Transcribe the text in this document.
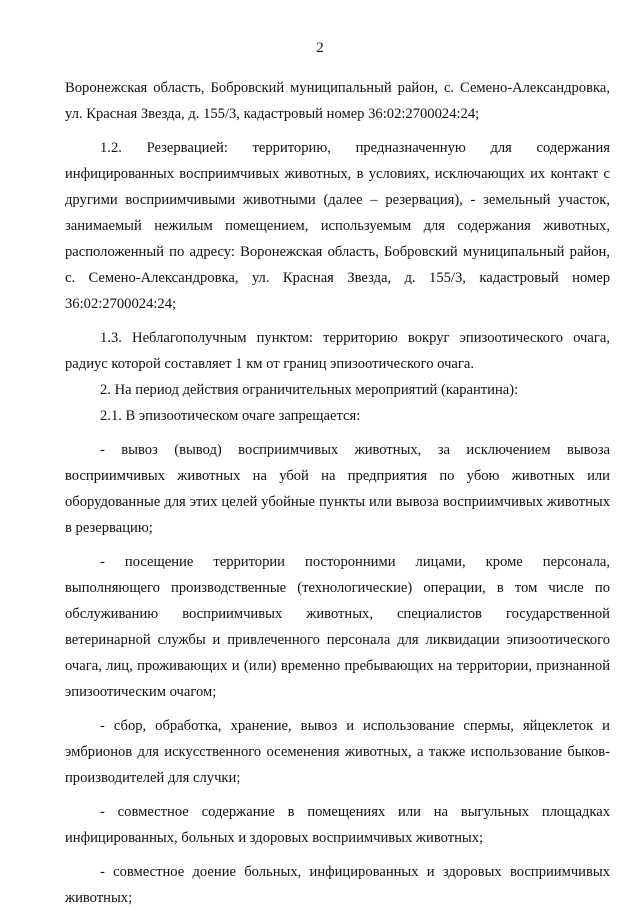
2

Воронежская область, Бобровский муниципальный район, с. Семено-Александровка, ул. Красная Звезда, д. 155/3, кадастровый номер 36:02:2700024:24;

1.2. Резервацией: территорию, предназначенную для содержания инфицированных восприимчивых животных, в условиях, исключающих их контакт с другими восприимчивыми животными (далее – резервация), - земельный участок, занимаемый нежилым помещением, используемым для содержания животных, расположенный по адресу: Воронежская область, Бобровский муниципальный район, с. Семено-Александровка, ул. Красная Звезда, д. 155/3, кадастровый номер 36:02:2700024:24;

1.3. Неблагополучным пунктом: территорию вокруг эпизоотического очага, радиус которой составляет 1 км от границ эпизоотического очага.

2. На период действия ограничительных мероприятий (карантина):

2.1. В эпизоотическом очаге запрещается:

- вывоз (вывод) восприимчивых животных, за исключением вывоза восприимчивых животных на убой на предприятия по убою животных или оборудованные для этих целей убойные пункты или вывоза восприимчивых животных в резервацию;

- посещение территории посторонними лицами, кроме персонала, выполняющего производственные (технологические) операции, в том числе по обслуживанию восприимчивых животных, специалистов государственной ветеринарной службы и привлеченного персонала для ликвидации эпизоотического очага, лиц, проживающих и (или) временно пребывающих на территории, признанной эпизоотическим очагом;

- сбор, обработка, хранение, вывоз и использование спермы, яйцеклеток и эмбрионов для искусственного осеменения животных, а также использование быков-производителей для случки;

- совместное содержание в помещениях или на выгульных площадках инфицированных, больных и здоровых восприимчивых животных;

- совместное доение больных, инфицированных и здоровых восприимчивых животных;
